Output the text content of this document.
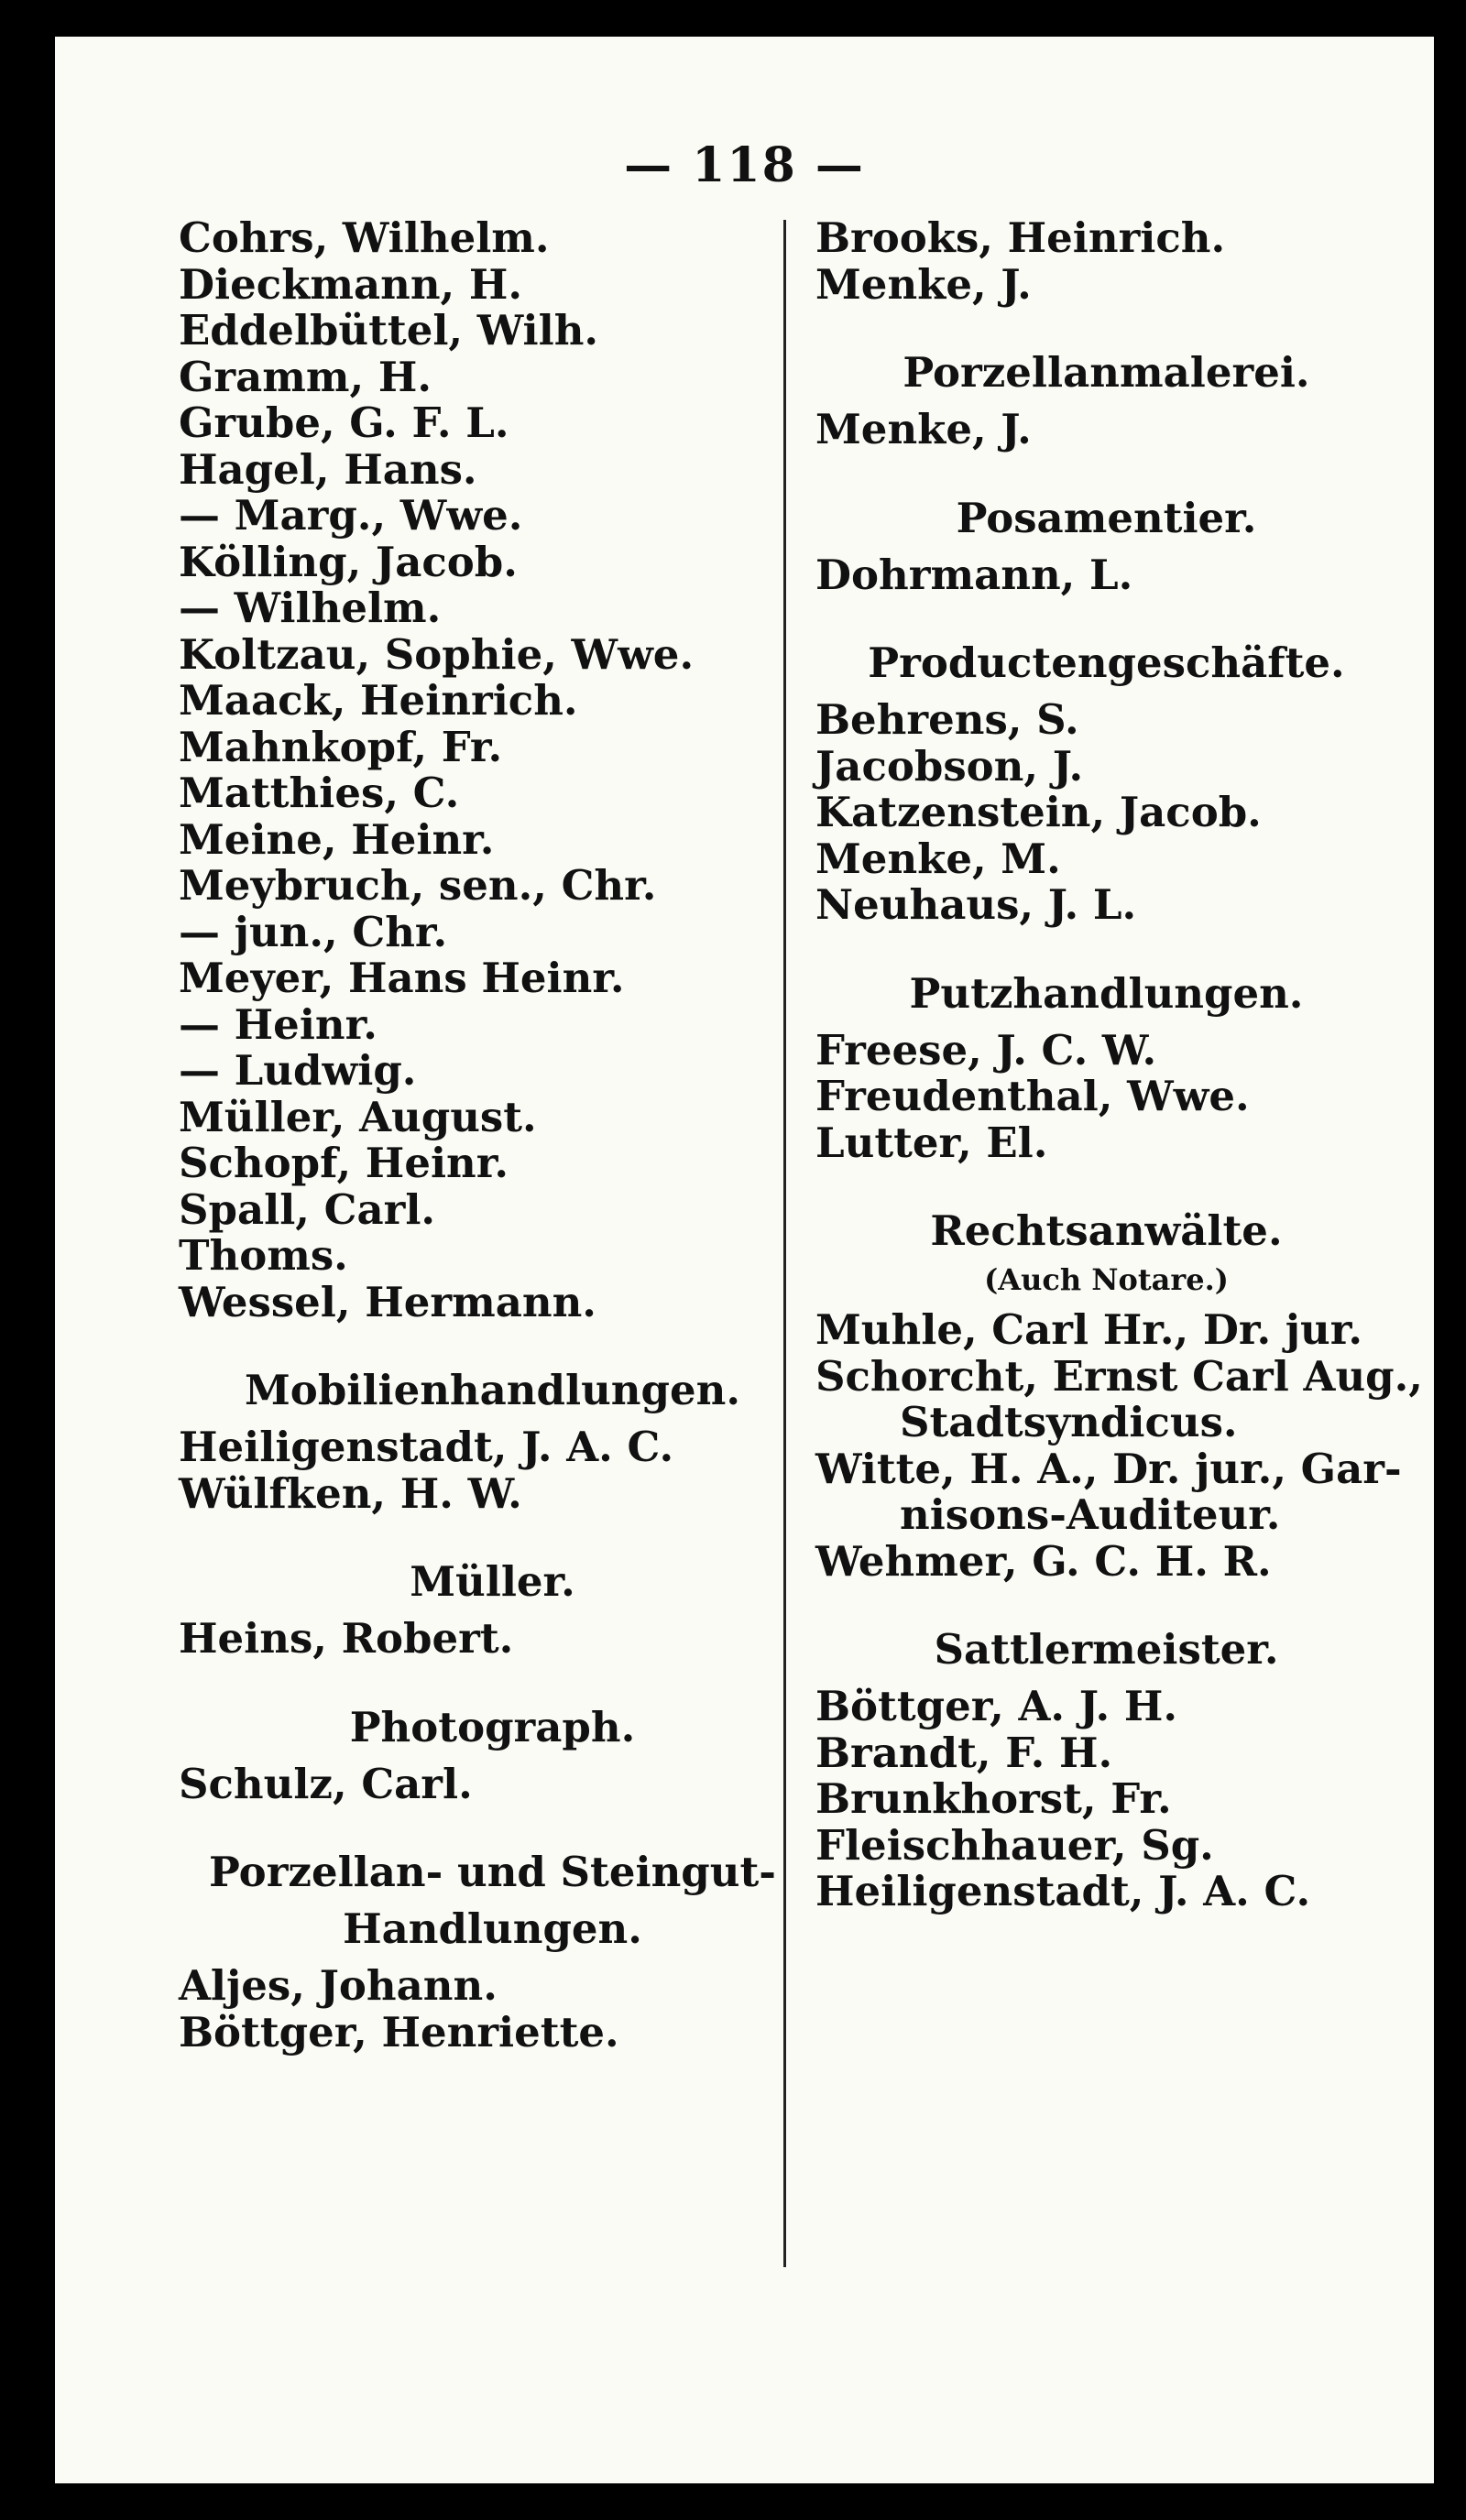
— 118 —
Cohrs, Wilhelm.
Dieckmann, H.
Eddelbüttel, Wilh.
Gramm, H.
Grube, G. F. L.
Hagel, Hans.
— Marg., Wwe.
Kölling, Jacob.
— Wilhelm.
Koltzau, Sophie, Wwe.
Maack, Heinrich.
Mahnkopf, Fr.
Matthies, C.
Meine, Heinr.
Meybruch, sen., Chr.
— jun., Chr.
Meyer, Hans Heinr.
— Heinr.
— Ludwig.
Müller, August.
Schopf, Heinr.
Spall, Carl.
Thoms.
Wessel, Hermann.
Mobilienhandlungen.
Heiligenstadt, J. A. C.
Wülfken, H. W.
Müller.
Heins, Robert.
Photograph.
Schulz, Carl.
Porzellan- und Steingut-
Handlungen.
Aljes, Johann.
Böttger, Henriette.
Brooks, Heinrich.
Menke, J.
Porzellanmalerei.
Menke, J.
Posamentier.
Dohrmann, L.
Productengeschäfte.
Behrens, S.
Jacobson, J.
Katzenstein, Jacob.
Menke, M.
Neuhaus, J. L.
Putzhandlungen.
Freese, J. C. W.
Freudenthal, Wwe.
Lutter, El.
Rechtsanwälte.
(Auch Notare.)
Muhle, Carl Hr., Dr. jur.
Schorcht, Ernst Carl Aug.,
Stadtsyndicus.
Witte, H. A., Dr. jur., Gar-
nisons-Auditeur.
Wehmer, G. C. H. R.
Sattlermeister.
Böttger, A. J. H.
Brandt, F. H.
Brunkhorst, Fr.
Fleischhauer, Sg.
Heiligenstadt, J. A. C.
